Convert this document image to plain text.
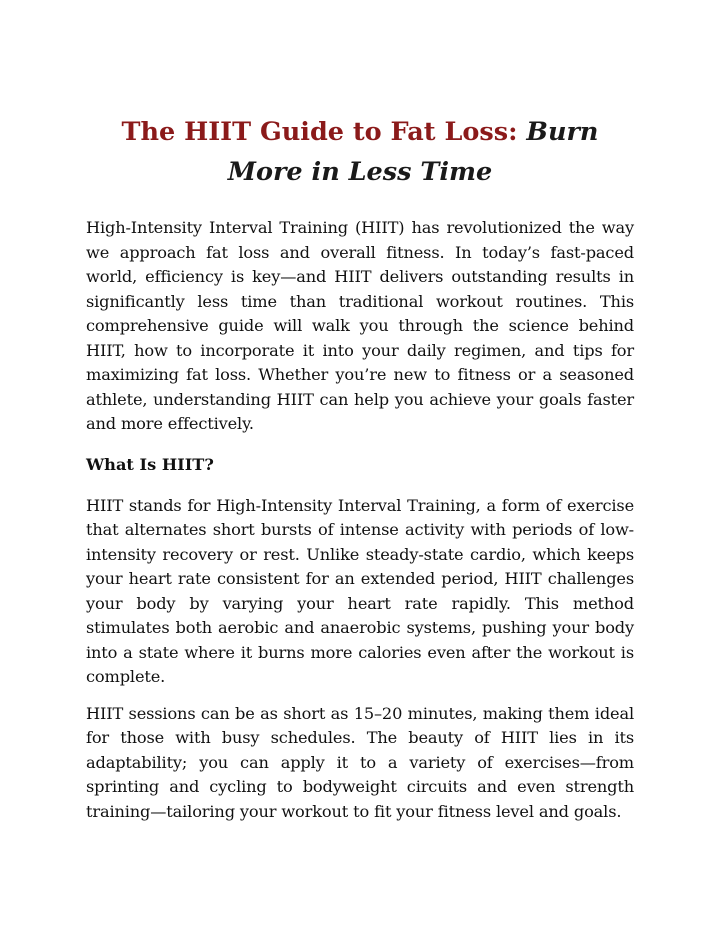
The HIIT Guide to Fat Loss: Burn More in Less Time

High-Intensity Interval Training (HIIT) has revolutionized the way we approach fat loss and overall fitness. In today’s fast-paced world, efficiency is key—and HIIT delivers outstanding results in significantly less time than traditional workout routines. This comprehensive guide will walk you through the science behind HIIT, how to incorporate it into your daily regimen, and tips for maximizing fat loss. Whether you’re new to fitness or a seasoned athlete, understanding HIIT can help you achieve your goals faster and more effectively.

What Is HIIT?

HIIT stands for High-Intensity Interval Training, a form of exercise that alternates short bursts of intense activity with periods of low-intensity recovery or rest. Unlike steady-state cardio, which keeps your heart rate consistent for an extended period, HIIT challenges your body by varying your heart rate rapidly. This method stimulates both aerobic and anaerobic systems, pushing your body into a state where it burns more calories even after the workout is complete.

HIIT sessions can be as short as 15–20 minutes, making them ideal for those with busy schedules. The beauty of HIIT lies in its adaptability; you can apply it to a variety of exercises—from sprinting and cycling to bodyweight circuits and even strength training—tailoring your workout to fit your fitness level and goals.
